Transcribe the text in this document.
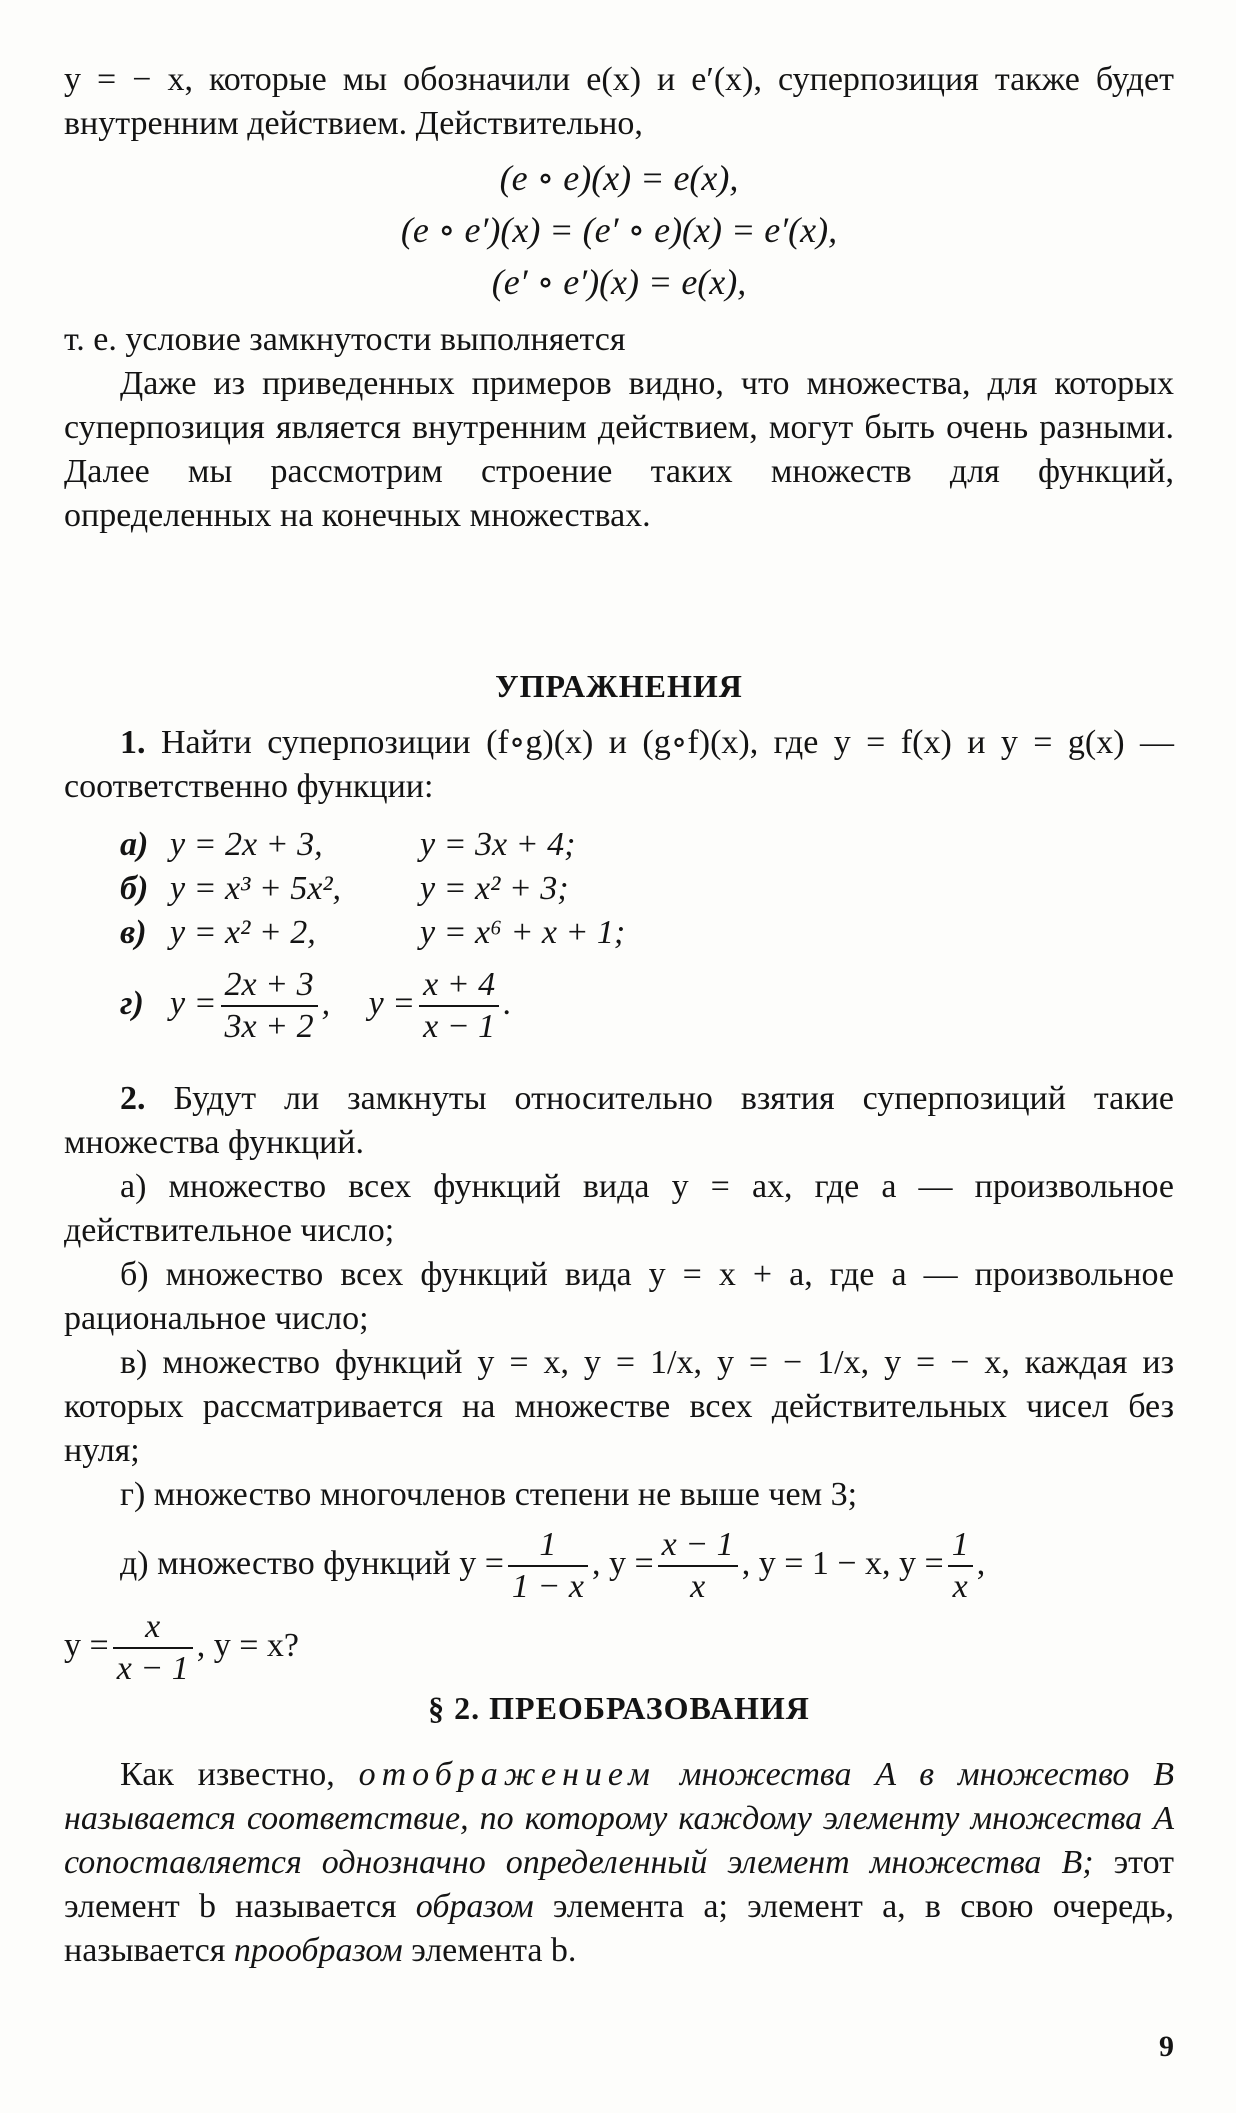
y = − x, которые мы обозначили e(x) и e′(x), суперпозиция также будет внутренним действием. Действительно,

(e ∘ e)(x) = e(x),
(e ∘ e′)(x) = (e′ ∘ e)(x) = e′(x),
(e′ ∘ e′)(x) = e(x),

т. е. условие замкнутости выполняется

Даже из приведенных примеров видно, что множества, для которых суперпозиция является внутренним действием, могут быть очень разными. Далее мы рассмотрим строение таких множеств для функций, определенных на конечных множествах.

УПРАЖНЕНИЯ

1. Найти суперпозиции (f∘g)(x) и (g∘f)(x), где y = f(x) и y = g(x) — соответственно функции:

а) y = 2x + 3,	y = 3x + 4;
б) y = x³ + 5x², y = x² + 3;
в) y = x² + 2,	y = x⁶ + x + 1;
г) $y = \frac{2x + 3}{3x + 2}$ , $y = \frac{x + 4}{x - 1}$ .

2. Будут ли замкнуты относительно взятия суперпозиций такие множества функций.

а) множество всех функций вида y = ax, где a — произвольное действительное число;

б) множество всех функций вида y = x + a, где a — произвольное рациональное число;

в) множество функций y = x, y = 1/x, y = − 1/x, y = − x, каждая из которых рассматривается на множестве всех действительных чисел без нуля;

г) множество многочленов степени не выше чем 3;

д) множество функций $y = \frac{1}{1 - x}$ , $y = \frac{x - 1}{x}$ , y = 1 − x, $y = \frac{1}{x}$ ,
$y = \frac{x}{x - 1}$ , y = x?
§ 2. ПРЕОБРАЗОВАНИЯ

Как известно, отображением множества A в множество B называется соответствие, по которому каждому элементу множества A сопоставляется однозначно определенный элемент множества B; этот элемент b называется образом элемента a; элемент a, в свою очередь, называется прообразом элемента b.

9
